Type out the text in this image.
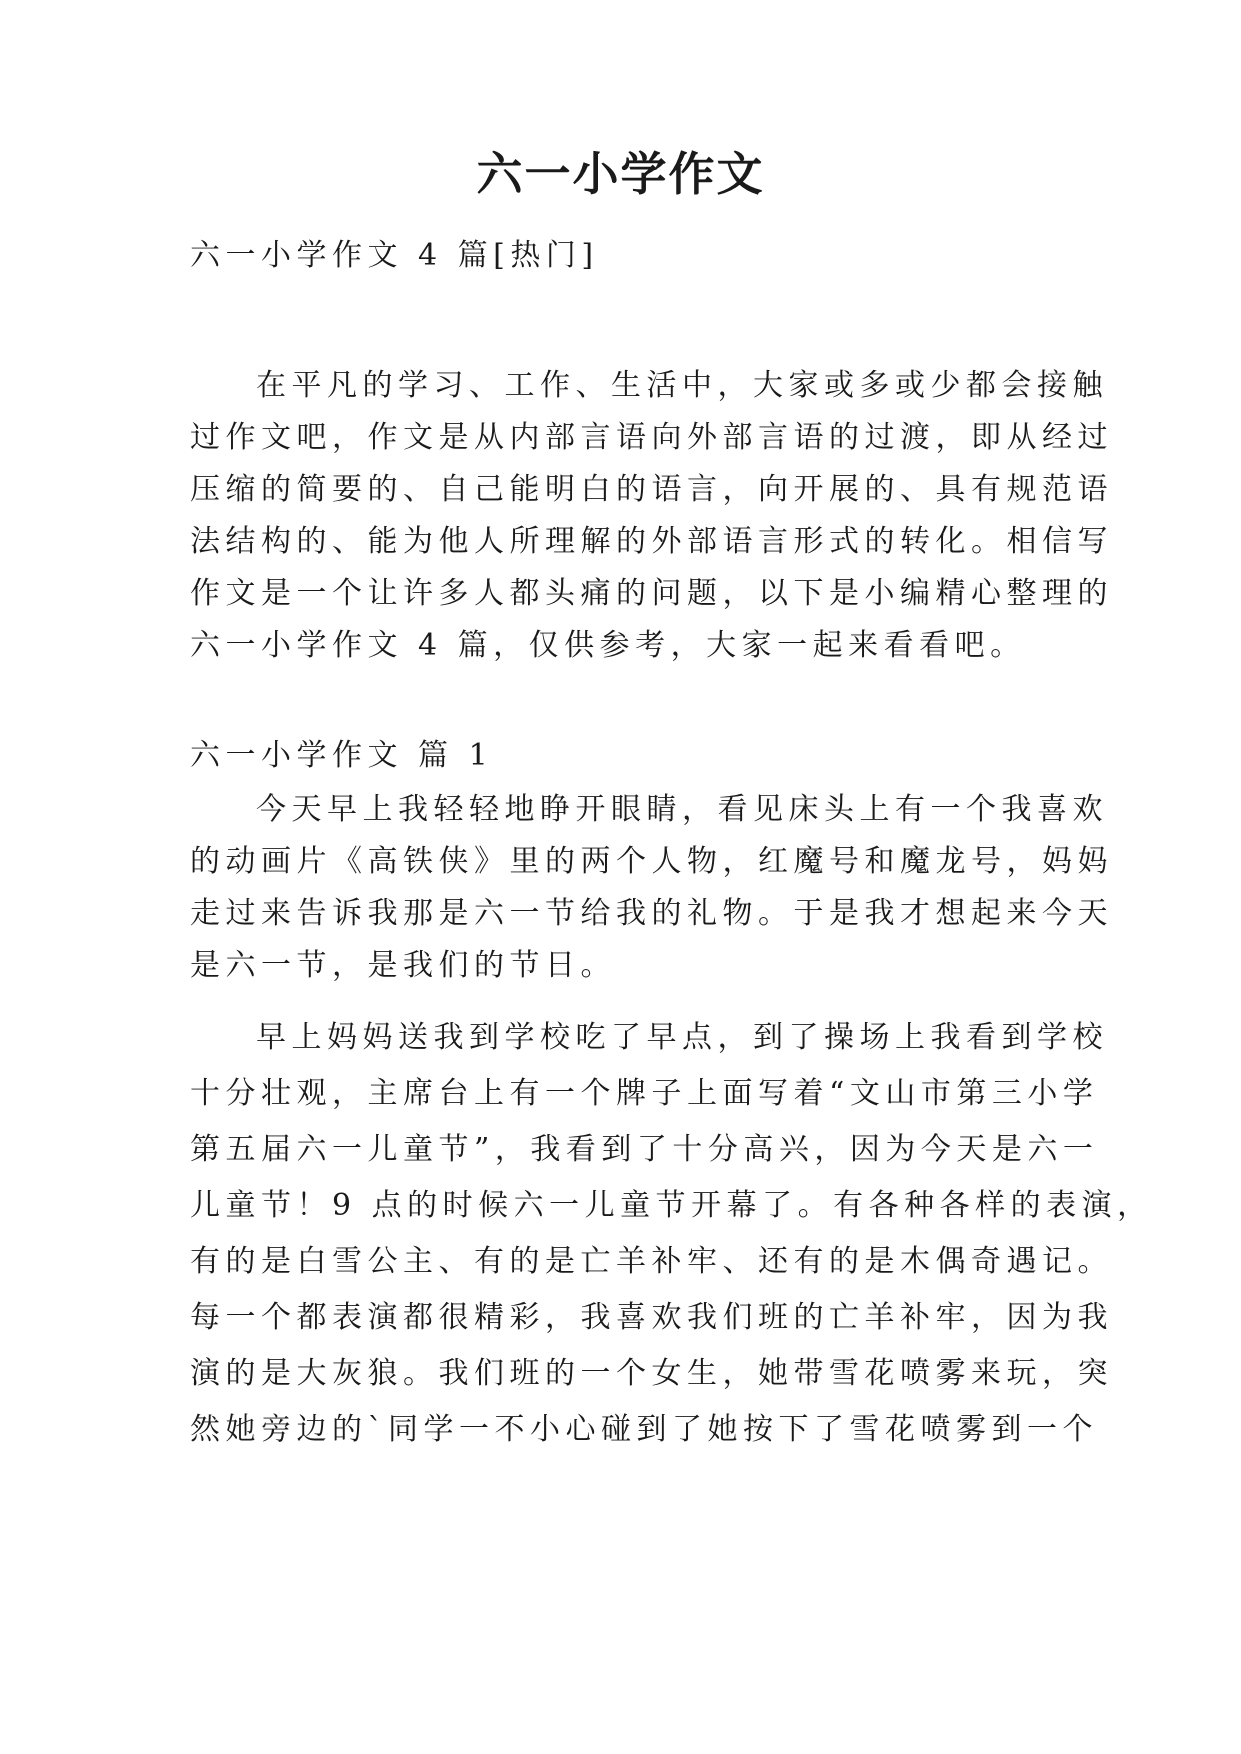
六一小学作文
六一小学作文 4 篇[热门]
在平凡的学习、工作、生活中，大家或多或少都会接触
过作文吧，作文是从内部言语向外部言语的过渡，即从经过
压缩的简要的、自己能明白的语言，向开展的、具有规范语
法结构的、能为他人所理解的外部语言形式的转化。相信写
作文是一个让许多人都头痛的问题，以下是小编精心整理的
六一小学作文 4 篇，仅供参考，大家一起来看看吧。
六一小学作文 篇 1
今天早上我轻轻地睁开眼睛，看见床头上有一个我喜欢
的动画片《高铁侠》里的两个人物，红魔号和魔龙号，妈妈
走过来告诉我那是六一节给我的礼物。于是我才想起来今天
是六一节，是我们的节日。
早上妈妈送我到学校吃了早点，到了操场上我看到学校
十分壮观，主席台上有一个牌子上面写着“文山市第三小学
第五届六一儿童节”，我看到了十分高兴，因为今天是六一
儿童节！9 点的时候六一儿童节开幕了。有各种各样的表演，
有的是白雪公主、有的是亡羊补牢、还有的是木偶奇遇记。
每一个都表演都很精彩，我喜欢我们班的亡羊补牢，因为我
演的是大灰狼。我们班的一个女生，她带雪花喷雾来玩，突
然她旁边的`同学一不小心碰到了她按下了雪花喷雾到一个
